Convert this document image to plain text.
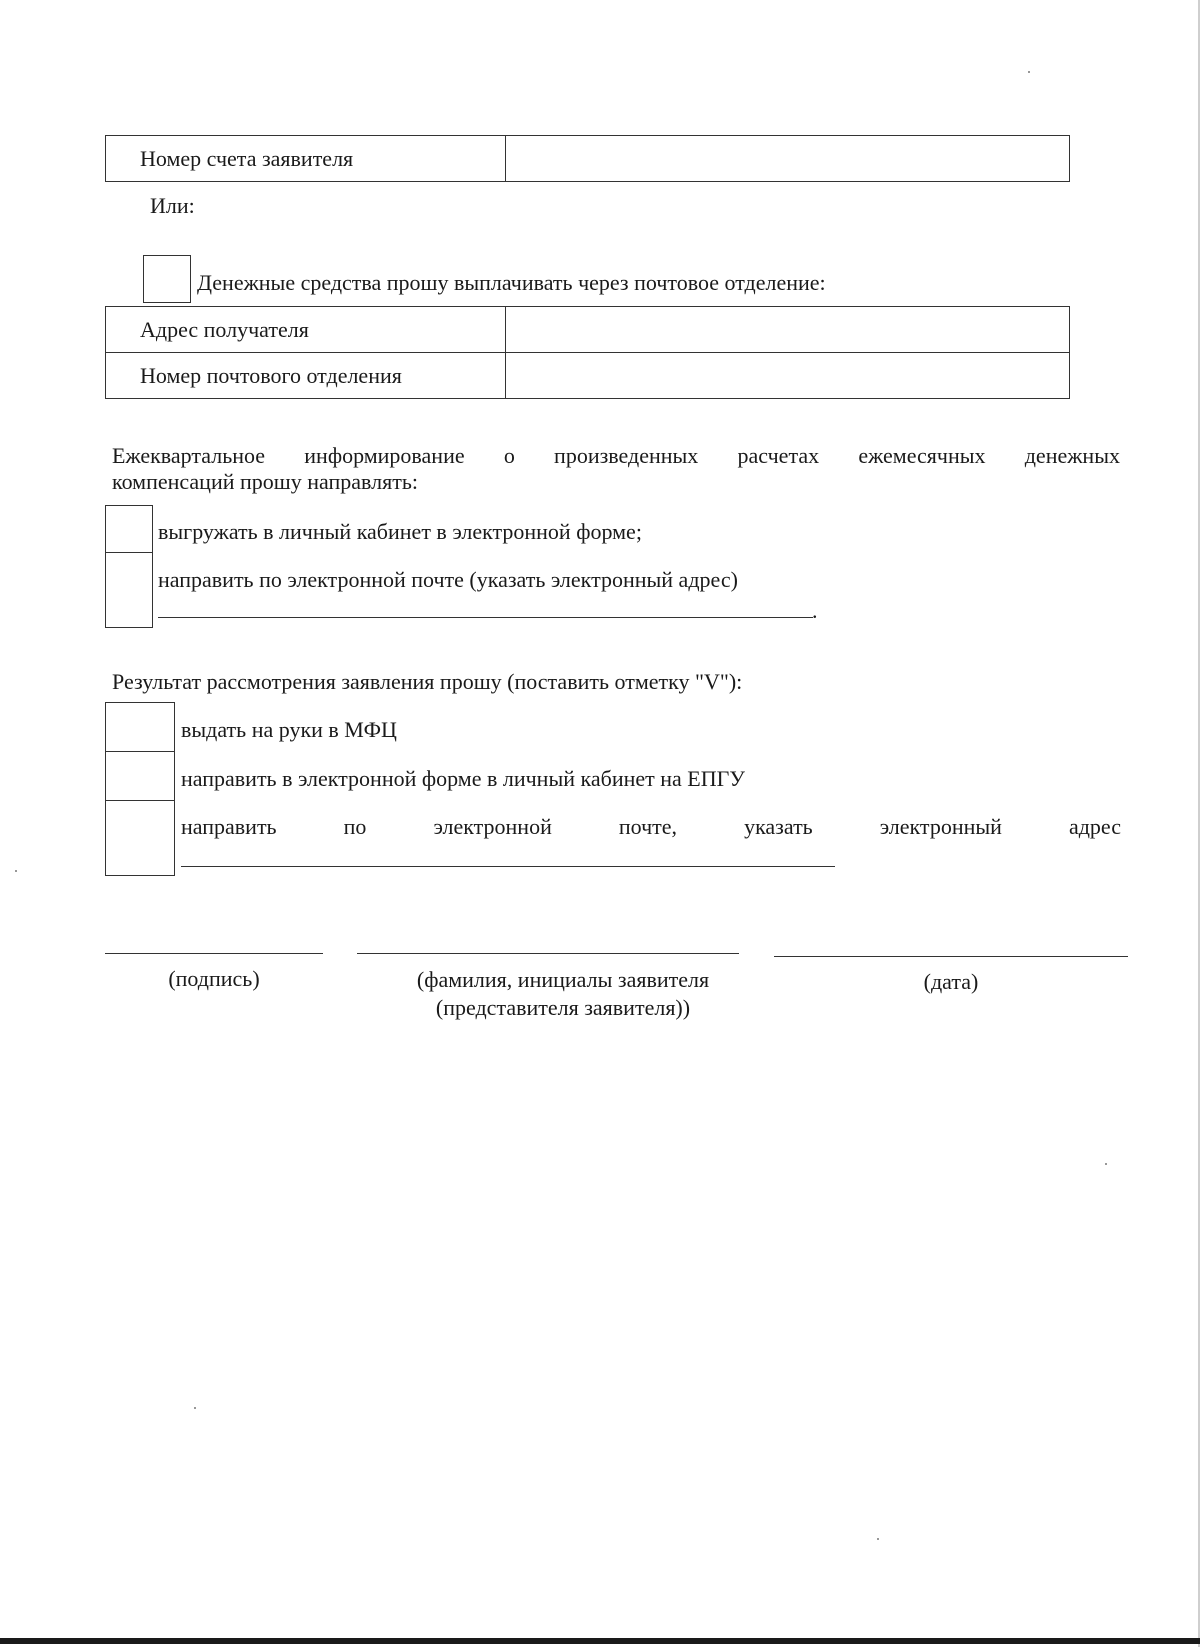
Номер счета заявителя	
Или:
Денежные средства прошу выплачивать через почтовое отделение:
Адрес получателя	
Номер почтового отделения	
Ежеквартальное информирование о произведенных расчетах ежемесячных денежных
компенсаций прошу направлять:
выгружать в личный кабинет в электронной форме;
направить по электронной почте (указать электронный адрес)
.
Результат рассмотрения заявления прошу (поставить отметку "V"):
выдать на руки в МФЦ
направить в электронной форме в личный кабинет на ЕПГУ
направить	по	электронной	почте,	указать	электронный	адрес
(подпись)	(фамилия, инициалы заявителя
(представителя заявителя))
(дата)
